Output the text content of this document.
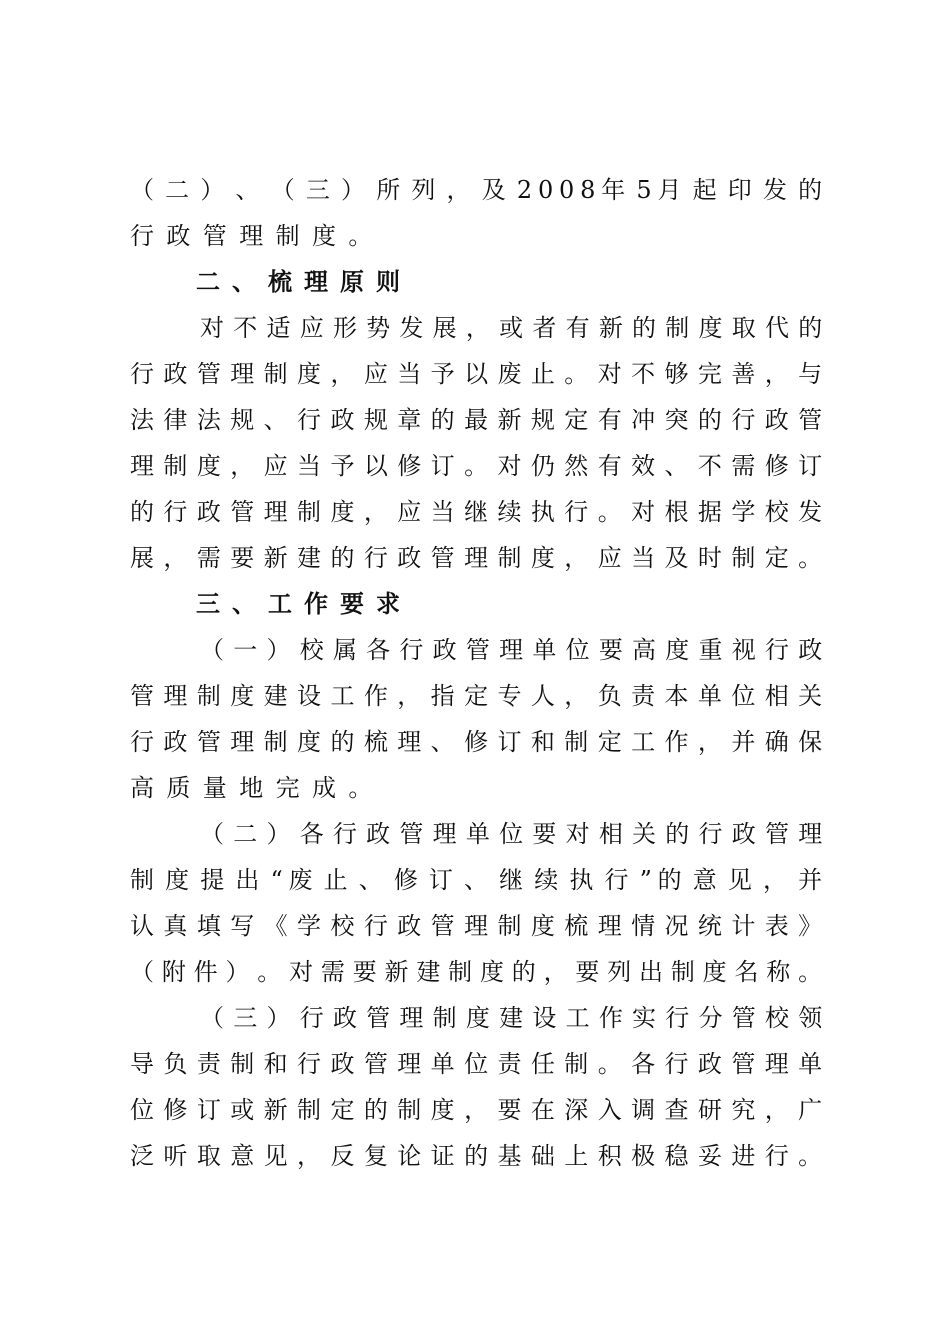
（ 二 ） 、 （ 三 ） 所 列 ， 及 2 0 0 8 年 5 月 起 印 发 的
行政管理制度。
二、梳理原则
对 不 适 应 形 势 发 展 ， 或 者 有 新 的 制 度 取 代 的
行 政 管 理 制 度 ， 应 当 予 以 废 止 。 对 不 够 完 善 ， 与
法 律 法 规 、 行 政 规 章 的 最 新 规 定 有 冲 突 的 行 政 管
理 制 度 ， 应 当 予 以 修 订 。 对 仍 然 有 效 、 不 需 修 订
的 行 政 管 理 制 度 ， 应 当 继 续 执 行 。 对 根 据 学 校 发
展 ， 需 要 新 建 的 行 政 管 理 制 度 ， 应 当 及 时 制 定 。
三、工作要求
（ 一 ） 校 属 各 行 政 管 理 单 位 要 高 度 重 视 行 政
管 理 制 度 建 设 工 作 ， 指 定 专 人 ， 负 责 本 单 位 相 关
行 政 管 理 制 度 的 梳 理 、 修 订 和 制 定 工 作 ， 并 确 保
高质量地完成。
（ 二 ） 各 行 政 管 理 单 位 要 对 相 关 的 行 政 管 理
制 度 提 出 “ 废 止 、 修 订 、 继 续 执 行 ” 的 意 见 ， 并
认 真 填 写 《 学 校 行 政 管 理 制 度 梳 理 情 况 统 计 表 》
（ 附 件 ） 。 对 需 要 新 建 制 度 的 ， 要 列 出 制 度 名 称 。
（ 三 ） 行 政 管 理 制 度 建 设 工 作 实 行 分 管 校 领
导 负 责 制 和 行 政 管 理 单 位 责 任 制 。 各 行 政 管 理 单
位 修 订 或 新 制 定 的 制 度 ， 要 在 深 入 调 查 研 究 ， 广
泛 听 取 意 见 ， 反 复 论 证 的 基 础 上 积 极 稳 妥 进 行 。
